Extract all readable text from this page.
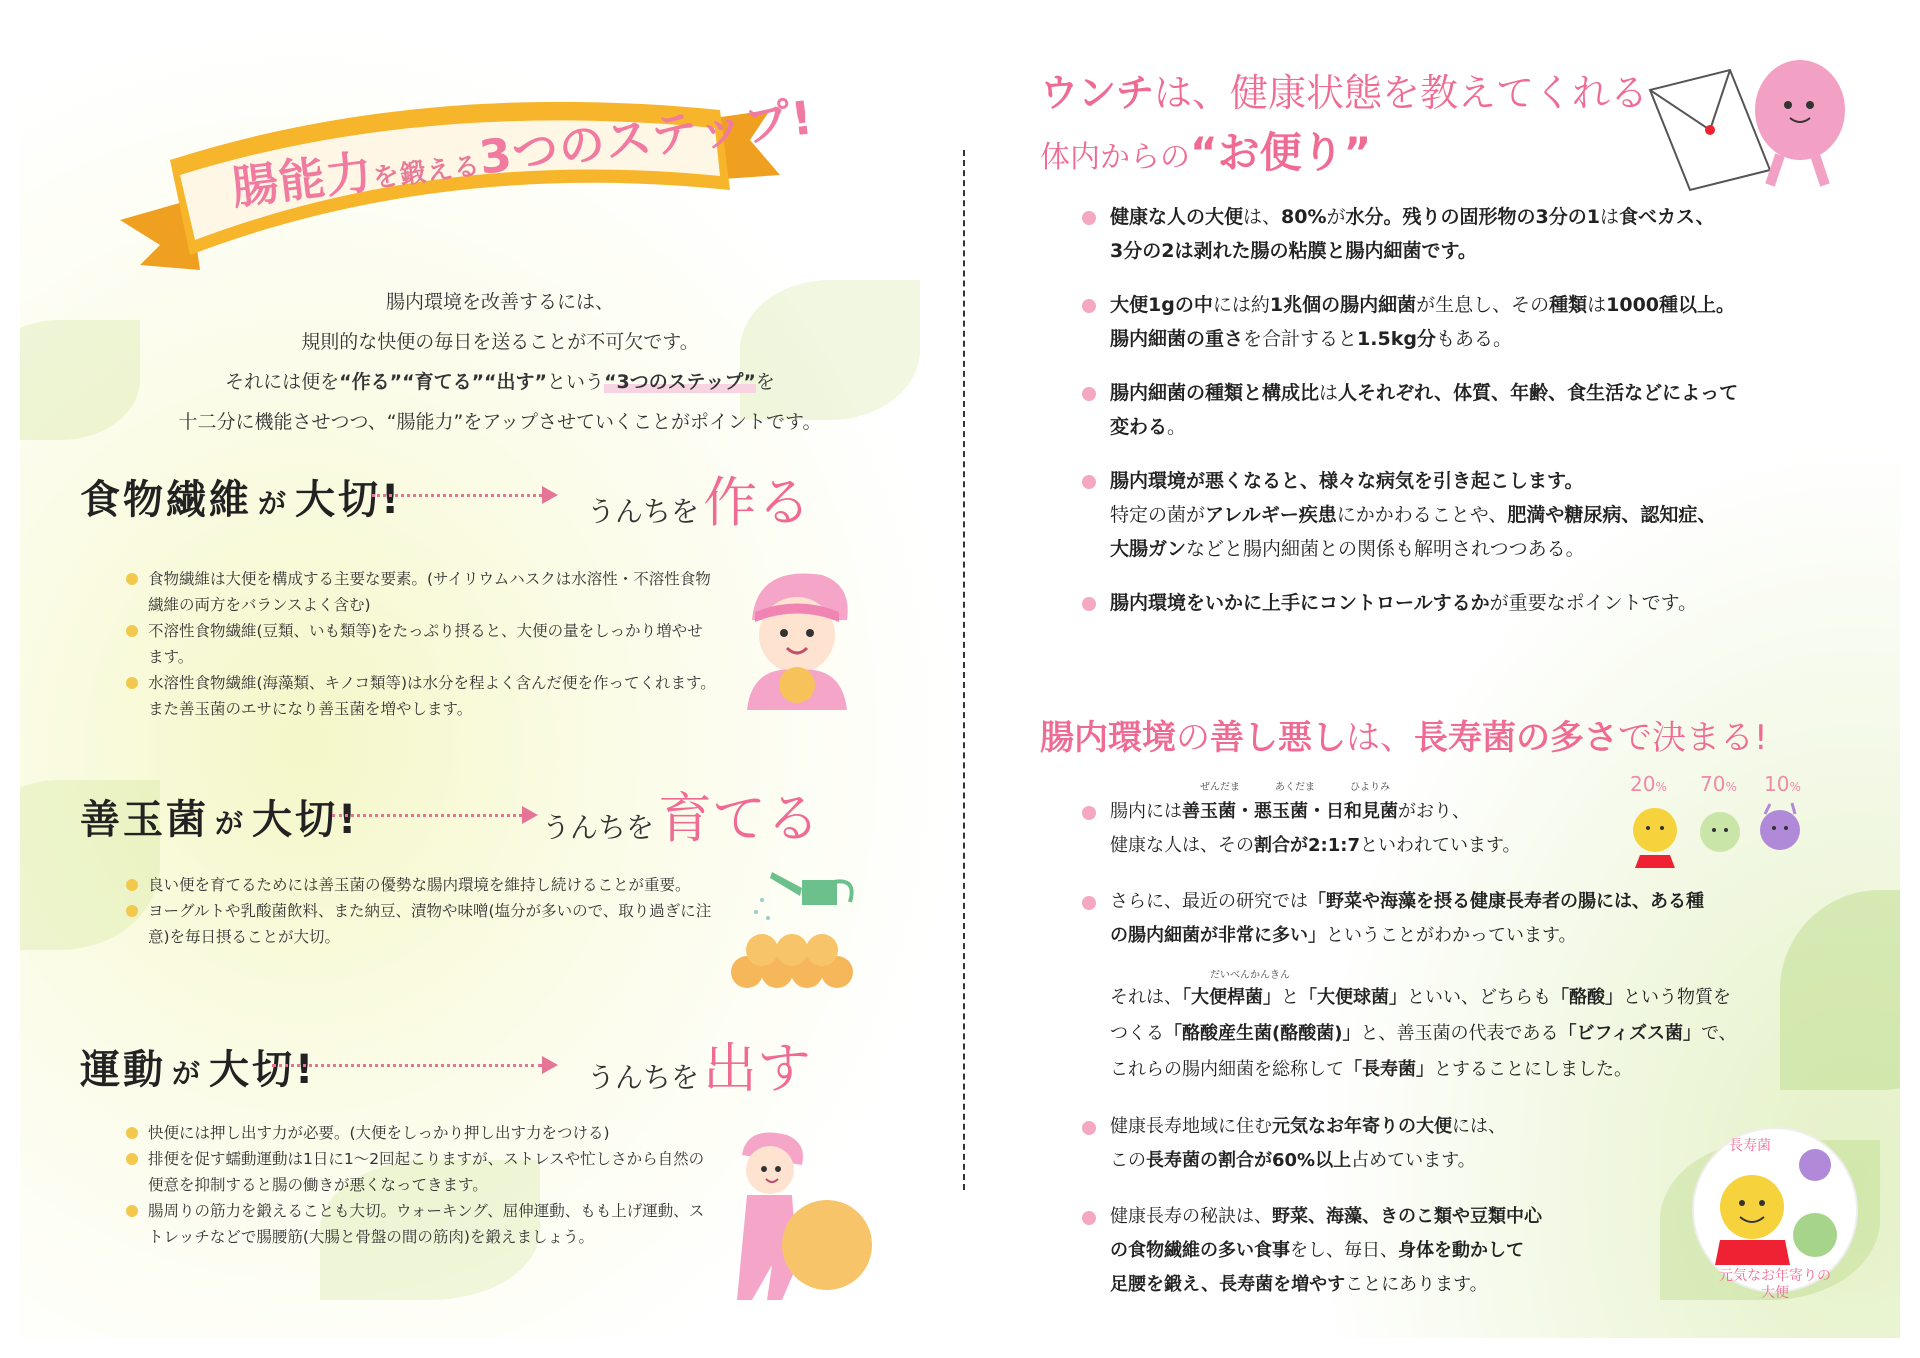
腸能力を鍛える3つのステップ!
腸内環境を改善するには、
規則的な快便の毎日を送ることが不可欠です。
それには便を“作る”“育てる”“出す”という“3つのステップ”を
十二分に機能させつつ、“腸能力”をアップさせていくことがポイントです。
食物繊維 が 大切!	うんちを作る
食物繊維は大便を構成する主要な要素。(サイリウムハスクは水溶性・不溶性食物繊維の両方をバランスよく含む)
不溶性食物繊維(豆類、いも類等)をたっぷり摂ると、大便の量をしっかり増やせます。
水溶性食物繊維(海藻類、キノコ類等)は水分を程よく含んだ便を作ってくれます。また善玉菌のエサになり善玉菌を増やします。
善玉菌 が 大切!	うんちを育てる
良い便を育てるためには善玉菌の優勢な腸内環境を維持し続けることが重要。
ヨーグルトや乳酸菌飲料、また納豆、漬物や味噌(塩分が多いので、取り過ぎに注意)を毎日摂ることが大切。
運動 が 大切!	うんちを出す
快便には押し出す力が必要。(大便をしっかり押し出す力をつける)
排便を促す蠕動運動は1日に1〜2回起こりますが、ストレスや忙しさから自然の便意を抑制すると腸の働きが悪くなってきます。
腸周りの筋力を鍛えることも大切。ウォーキング、屈伸運動、もも上げ運動、ストレッチなどで腸腰筋(大腸と骨盤の間の筋肉)を鍛えましょう。
ウンチは、健康状態を教えてくれる
体内からの“お便り”
健康な人の大便は、80%が水分。残りの固形物の3分の1は食べカス、
3分の2は剥れた腸の粘膜と腸内細菌です。
大便1gの中には約1兆個の腸内細菌が生息し、その種類は1000種以上。
腸内細菌の重さを合計すると1.5kg分もある。
腸内細菌の種類と構成比は人それぞれ、体質、年齢、食生活などによって
変わる。
腸内環境が悪くなると、様々な病気を引き起こします。
特定の菌がアレルギー疾患にかかわることや、肥満や糖尿病、認知症、
大腸ガンなどと腸内細菌との関係も解明されつつある。
腸内環境をいかに上手にコントロールするかが重要なポイントです。
腸内環境の善し悪しは、長寿菌の多さで決まる!
20% 70% 10%
ぜんだま	あくだま	ひよりみ
腸内には善玉菌・悪玉菌・日和見菌がおり、
健康な人は、その割合が2:1:7といわれています。
さらに、最近の研究では「野菜や海藻を摂る健康長寿者の腸には、ある種
の腸内細菌が非常に多い」ということがわかっています。
だいべんかんきん
それは、「大便桿菌」と「大便球菌」といい、どちらも「酪酸」という物質を
つくる「酪酸産生菌(酪酸菌)」と、善玉菌の代表である「ビフィズス菌」で、
これらの腸内細菌を総称して「長寿菌」とすることにしました。
健康長寿地域に住む元気なお年寄りの大便には、
この長寿菌の割合が60%以上占めています。
健康長寿の秘訣は、野菜、海藻、きのこ類や豆類中心
の食物繊維の多い食事をし、毎日、身体を動かして
足腰を鍛え、長寿菌を増やすことにあります。
長寿菌
元気なお年寄りの
大便
